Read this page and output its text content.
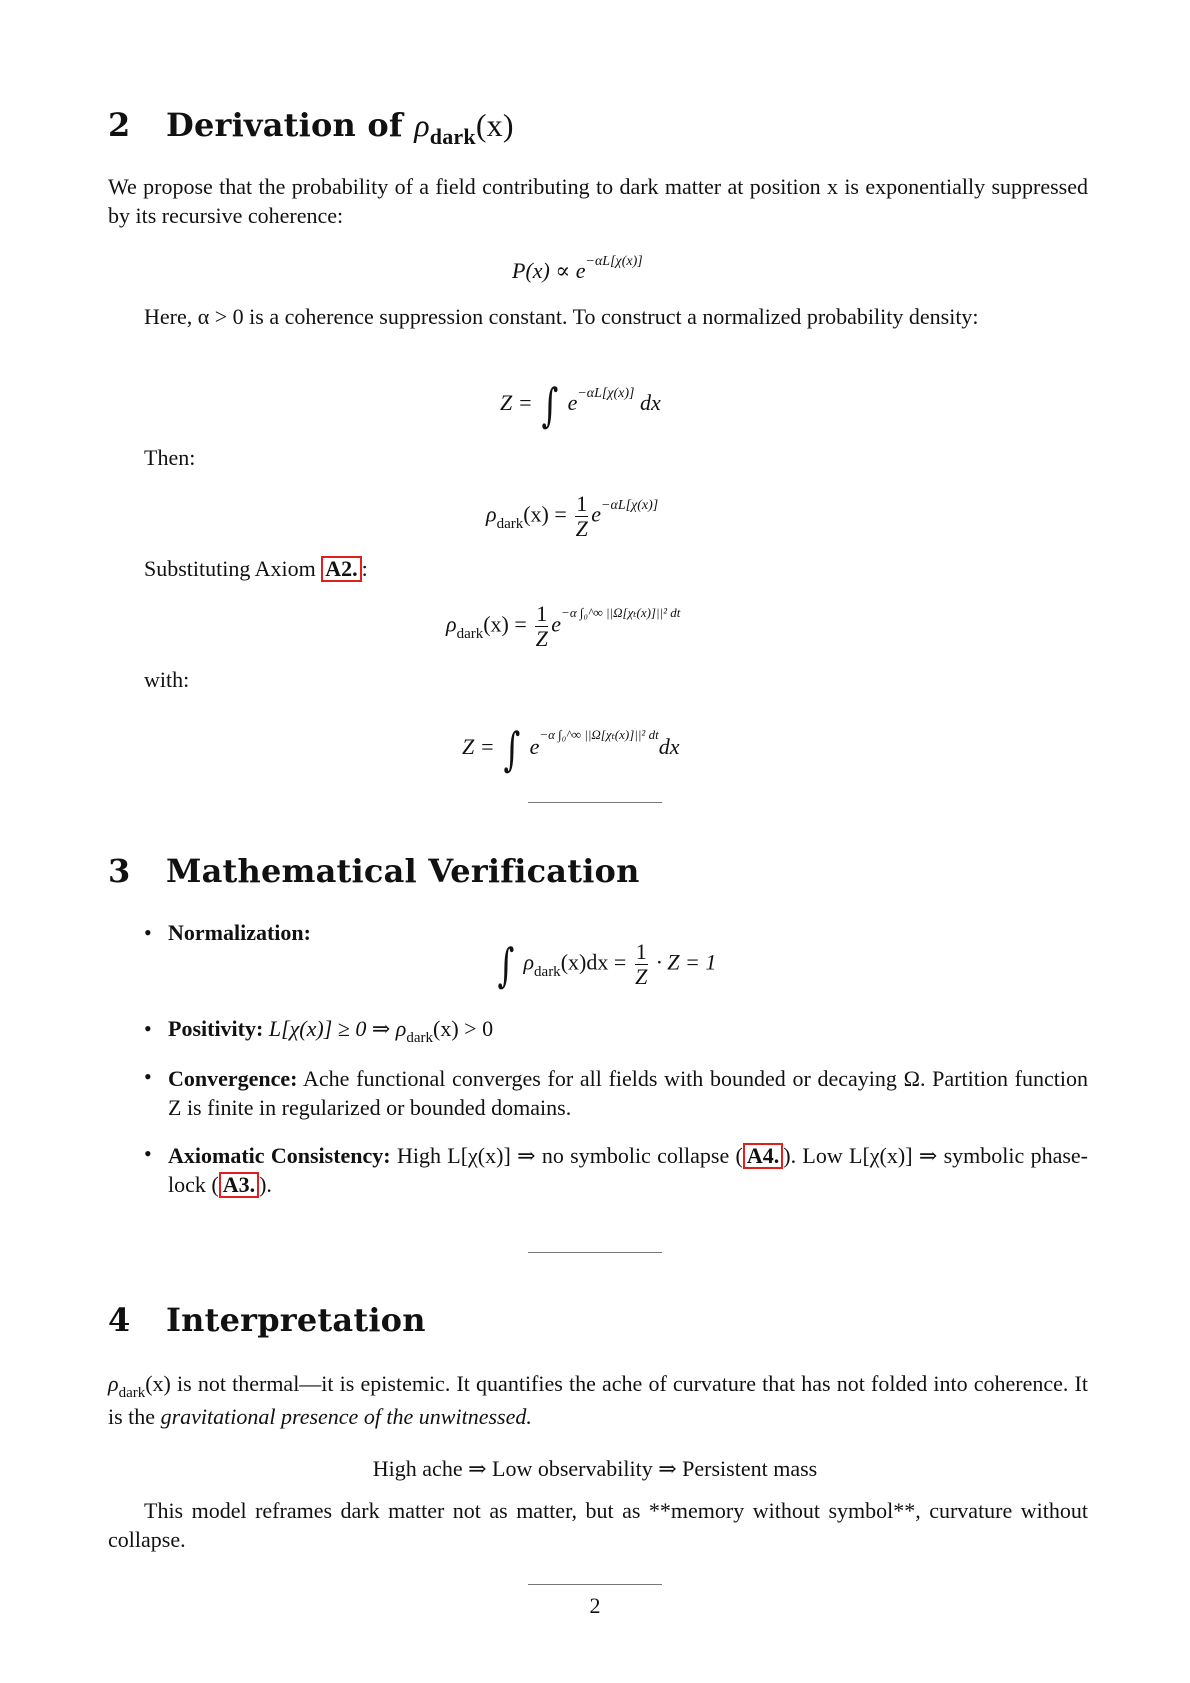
2 Derivation of $\rho_{dark}(x)$
We propose that the probability of a field contributing to dark matter at position x is exponentially suppressed by its recursive coherence:
$P(x) \propto e^{-\alpha L[\chi(x)]}$
Here, α > 0 is a coherence suppression constant. To construct a normalized probability density:
Z = ∫ $e^{-\alpha L[\chi(x)]}$ dx
Then:
$\rho_{dark}(x) = \frac{1}{Z} e^{-\alpha L[\chi(x)]}$
Substituting Axiom A2. :
$\rho_{dark}(x) = \frac{1}{Z} e^{-\alpha \int_0\^{}\infty ||\Omega[\chi_t(x)]||^2 dt}$
with:
Z = ∫ $e^{-\alpha \int_0\^{}\infty ||\Omega[\chi_t(x)]||^2 dt}dx$
3 Mathematical Verification
• Normalization:
∫ $\rho_{dark}(x)dx = \frac{1}{Z} \cdot Z = 1$
• Positivity: L[χ(x)] ≥ 0 ⇒ $\rho_{dark}(x) > 0$
• Convergence: Ache functional converges for all fields with bounded or decaying Ω. Partition function Z is finite in regularized or bounded domains.
• Axiomatic Consistency: High L[χ(x)] ⇒ no symbolic collapse ( A4. ). Low L[χ(x)] ⇒ symbolic phase-lock ( A3. ).
4 Interpretation
$\rho_{dark}(x)$ is not thermal—it is epistemic. It quantifies the ache of curvature that has not folded into coherence. It is the gravitational presence of the unwitnessed.
High ache ⇒ Low observability ⇒ Persistent mass
This model reframes dark matter not as matter, but as **memory without symbol**, curvature without collapse.
2
